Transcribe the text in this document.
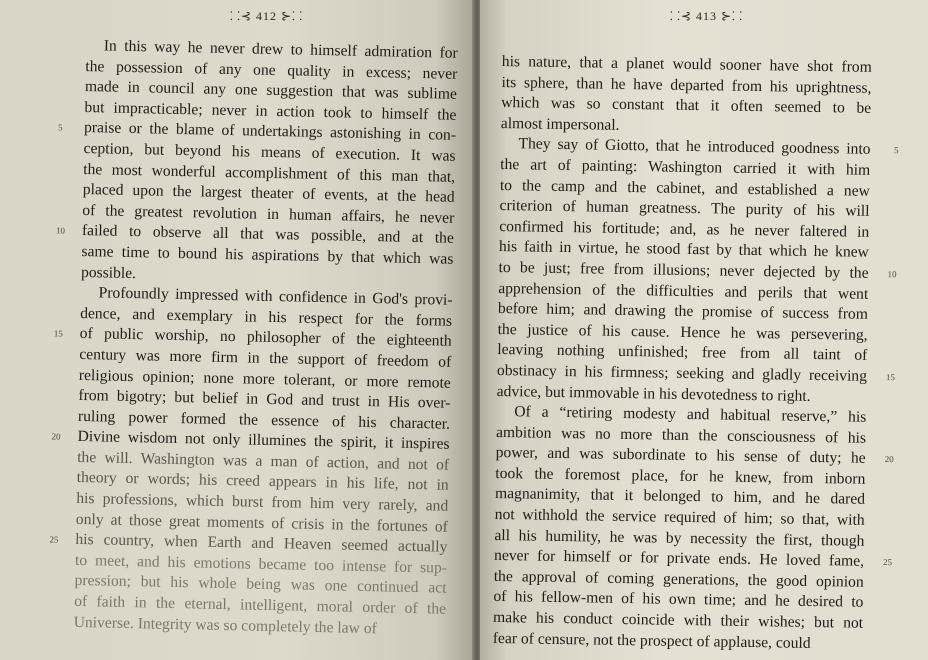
⸬⊰ 412 ⊱⸬
In this way he never drew to himself admiration for
the possession of any one quality in excess; never
made in council any one suggestion that was sublime
but impracticable; never in action took to himself the
praise or the blame of undertakings astonishing in con-
5
ception, but beyond his means of execution. It was
the most wonderful accomplishment of this man that,
placed upon the largest theater of events, at the head
of the greatest revolution in human affairs, he never
failed to observe all that was possible, and at the
10
same time to bound his aspirations by that which was
possible.
Profoundly impressed with confidence in God's provi-
dence, and exemplary in his respect for the forms
of public worship, no philosopher of the eighteenth
15
century was more firm in the support of freedom of
religious opinion; none more tolerant, or more remote
from bigotry; but belief in God and trust in His over-
ruling power formed the essence of his character.
Divine wisdom not only illumines the spirit, it inspires
20
the will. Washington was a man of action, and not of
theory or words; his creed appears in his life, not in
his professions, which burst from him very rarely, and
only at those great moments of crisis in the fortunes of
his country, when Earth and Heaven seemed actually
25
to meet, and his emotions became too intense for sup-
pression; but his whole being was one continued act
of faith in the eternal, intelligent, moral order of the
Universe. Integrity was so completely the law of
⸬⊰ 413 ⊱⸬
his nature, that a planet would sooner have shot from
its sphere, than he have departed from his uprightness,
which was so constant that it often seemed to be
almost impersonal.
They say of Giotto, that he introduced goodness into	5
the art of painting: Washington carried it with him
to the camp and the cabinet, and established a new
criterion of human greatness. The purity of his will
confirmed his fortitude; and, as he never faltered in
his faith in virtue, he stood fast by that which he knew
to be just; free from illusions; never dejected by the 10
apprehension of the difficulties and perils that went
before him; and drawing the promise of success from
the justice of his cause. Hence he was persevering,
leaving nothing unfinished; free from all taint of
obstinacy in his firmness; seeking and gladly receiving 15
advice, but immovable in his devotedness to right.
Of a “retiring modesty and habitual reserve,” his
ambition was no more than the consciousness of his
power, and was subordinate to his sense of duty; he 20
took the foremost place, for he knew, from inborn
magnanimity, that it belonged to him, and he dared
not withhold the service required of him; so that, with
all his humility, he was by necessity the first, though
never for himself or for private ends. He loved fame, 25
the approval of coming generations, the good opinion
of his fellow-men of his own time; and he desired to
make his conduct coincide with their wishes; but not
fear of censure, not the prospect of applause, could
